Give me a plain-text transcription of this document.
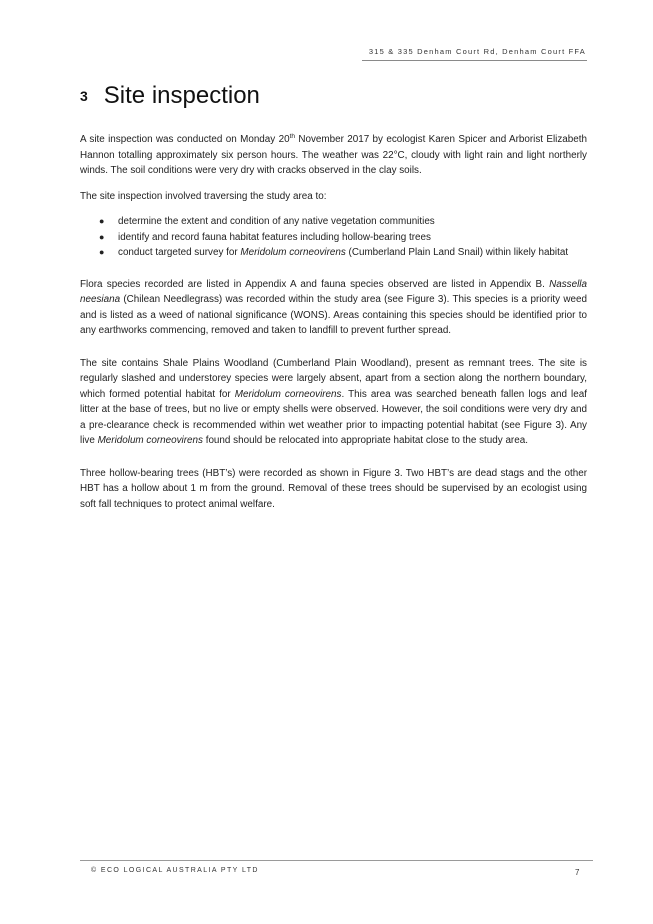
315 & 335 Denham Court Rd, Denham Court FFA
3 Site inspection

A site inspection was conducted on Monday 20th November 2017 by ecologist Karen Spicer and Arborist Elizabeth Hannon totalling approximately six person hours. The weather was 22°C, cloudy with light rain and light northerly winds. The soil conditions were very dry with cracks observed in the clay soils.

The site inspection involved traversing the study area to:

● determine the extent and condition of any native vegetation communities
● identify and record fauna habitat features including hollow-bearing trees
● conduct targeted survey for Meridolum corneovirens (Cumberland Plain Land Snail) within likely habitat

Flora species recorded are listed in Appendix A and fauna species observed are listed in Appendix B. Nassella neesiana (Chilean Needlegrass) was recorded within the study area (see Figure 3). This species is a priority weed and is listed as a weed of national significance (WONS). Areas containing this species should be identified prior to any earthworks commencing, removed and taken to landfill to prevent further spread.

The site contains Shale Plains Woodland (Cumberland Plain Woodland), present as remnant trees. The site is regularly slashed and understorey species were largely absent, apart from a section along the northern boundary, which formed potential habitat for Meridolum corneovirens. This area was searched beneath fallen logs and leaf litter at the base of trees, but no live or empty shells were observed. However, the soil conditions were very dry and a pre-clearance check is recommended within wet weather prior to impacting potential habitat (see Figure 3). Any live Meridolum corneovirens found should be relocated into appropriate habitat close to the study area.

Three hollow-bearing trees (HBT’s) were recorded as shown in Figure 3. Two HBT’s are dead stags and the other HBT has a hollow about 1 m from the ground. Removal of these trees should be supervised by an ecologist using soft fall techniques to protect animal welfare.

© ECO LOGICAL AUSTRALIA PTY LTD	7
